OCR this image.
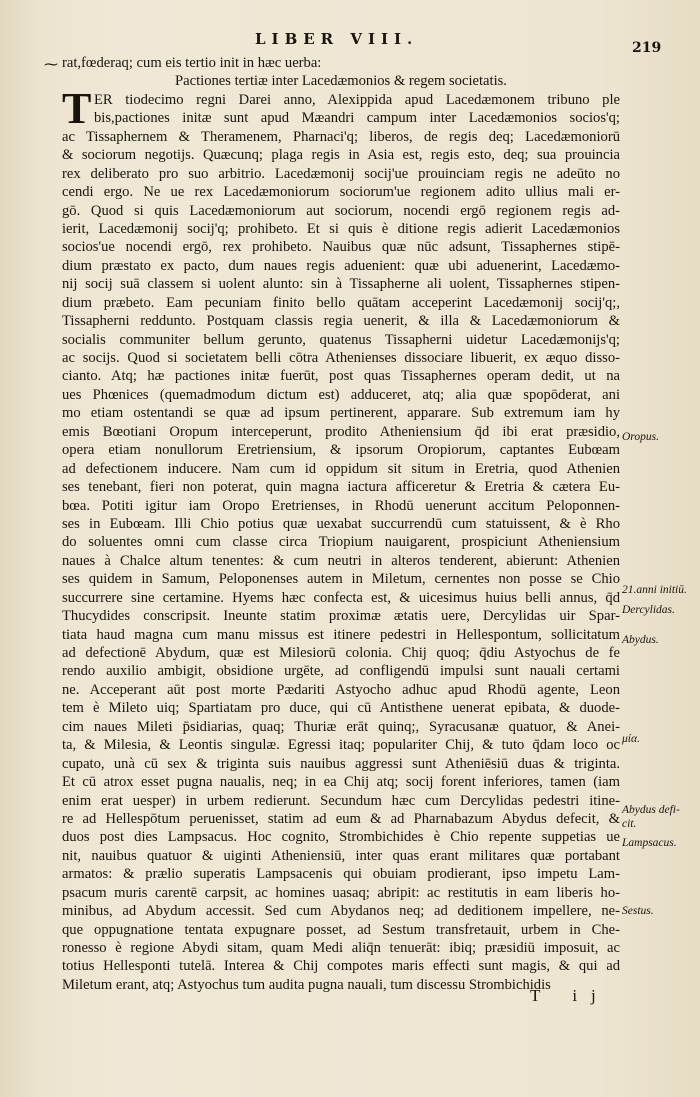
LIBER VIII.	219
⁓
T
rat,fœderaq; cum eis tertio init in hæc uerba:
Pactiones tertiæ inter Lacedæmonios & regem societatis.
ER tiodecimo regni Darei anno, Alexippida apud Lacedæmonem tribuno ple
bis,pactiones initæ sunt apud Mæandri campum inter Lacedæmonios socios'q;
ac Tissaphernem & Theramenem, Pharnaci'q; liberos, de regis deq; Lacedæmoniorū
& sociorum negotijs. Quæcunq; plaga regis in Asia est, regis esto, deq; sua prouincia
rex deliberato pro suo arbitrio. Lacedæmonij socij'ue prouinciam regis ne adeūto no
cendi ergo. Ne ue rex Lacedæmoniorum sociorum'ue regionem adito ullius mali er-
gō. Quod si quis Lacedæmoniorum aut sociorum, nocendi ergō regionem regis ad-
ierit, Lacedæmonij socij'q; prohibeto. Et si quis è ditione regis adierit Lacedæmonios
socios'ue nocendi ergō, rex prohibeto. Nauibus quæ nūc adsunt, Tissaphernes stipē-
dium præstato ex pacto, dum naues regis aduenient: quæ ubi aduenerint, Lacedæmo-
nij socij suā classem si uolent alunto: sin à Tissapherne ali uolent, Tissaphernes stipen-
dium præbeto. Eam pecuniam finito bello quātam acceperint Lacedæmonij socij'q;,
Tissapherni reddunto. Postquam classis regia uenerit, & illa & Lacedæmoniorum &
socialis communiter bellum gerunto, quatenus Tissapherni uidetur Lacedæmonijs'q;
ac socijs. Quod si societatem belli cōtra Athenienses dissociare libuerit, ex æquo disso-
cianto. Atq; hæ pactiones initæ fuerūt, post quas Tissaphernes operam dedit, ut na
ues Phœnices (quemadmodum dictum est) adduceret, atq; alia quæ spopōderat, ani
mo etiam ostentandi se quæ ad ipsum pertinerent, apparare. Sub extremum iam hy
emis Bœotiani Oropum interceperunt, prodito Atheniensium q̄d ibi erat præsidio,
opera etiam nonullorum Eretriensium, & ipsorum Oropiorum, captantes Eubœam
ad defectionem inducere. Nam cum id oppidum sit situm in Eretria, quod Athenien
ses tenebant, fieri non poterat, quin magna iactura afficeretur & Eretria & cætera Eu-
bœa. Potiti igitur iam Oropo Eretrienses, in Rhodū uenerunt accitum Peloponnen-
ses in Eubœam. Illi Chio potius quæ uexabat succurrendū cum statuissent, & è Rho
do soluentes omni cum classe circa Triopium nauigarent, prospiciunt Atheniensium
naues à Chalce altum tenentes: & cum neutri in alteros tenderent, abierunt: Athenien
ses quidem in Samum, Peloponenses autem in Miletum, cernentes non posse se Chio
succurrere sine certamine. Hyems hæc confecta est, & uicesimus huius belli annus, q̄d
Thucydides conscripsit. Ineunte statim proximæ ætatis uere, Dercylidas uir Spar-
tiata haud magna cum manu missus est itinere pedestri in Hellespontum, sollicitatum
ad defectionē Abydum, quæ est Milesiorū colonia. Chij quoq; q̄diu Astyochus de fe
rendo auxilio ambigit, obsidione urgēte, ad confligendū impulsi sunt nauali certami
ne. Acceperant aūt post morte Pædariti Astyocho adhuc apud Rhodū agente, Leon
tem è Mileto uiq; Spartiatam pro duce, qui cū Antisthene uenerat epibata, & duode-
cim naues Mileti p̄sidiarias, quaq; Thuriæ erāt quinq;, Syracusanæ quatuor, & Anei-
ta, & Milesia, & Leontis singulæ. Egressi itaq; populariter Chij, & tuto q̄dam loco oc
cupato, unà cū sex & triginta suis nauibus aggressi sunt Atheniēsiū duas & triginta.
Et cū atrox esset pugna naualis, neq; in ea Chij atq; socij forent inferiores, tamen (iam
enim erat uesper) in urbem redierunt. Secundum hæc cum Dercylidas pedestri itine-
re ad Hellespōtum peruenisset, statim ad eum & ad Pharnabazum Abydus defecit, &
duos post dies Lampsacus. Hoc cognito, Strombichides è Chio repente suppetias ue
nit, nauibus quatuor & uiginti Atheniensiū, inter quas erant militares quæ portabant
armatos: & prælio superatis Lampsacenis qui obuiam prodierant, ipso impetu Lam-
psacum muris carentē carpsit, ac homines uasaq; abripit: ac restitutis in eam liberis ho-
minibus, ad Abydum accessit. Sed cum Abydanos neq; ad deditionem impellere, ne-
que oppugnatione tentata expugnare posset, ad Sestum transfretauit, urbem in Che-
ronesso è regione Abydi sitam, quam Medi aliq̄n tenuerāt: ibiq; præsidiū imposuit, ac
totius Hellesponti tutelā. Interea & Chij compotes maris effecti sunt magis, & qui ad
Miletum erant, atq; Astyochus tum audita pugna nauali, tum discessu Strombichidis
Oropus.
21.anni initiū.
Dercylidas.
Abydus.
μία.
Abydus defi-
cit.
Lampsacus.
Sestus.
T ij
